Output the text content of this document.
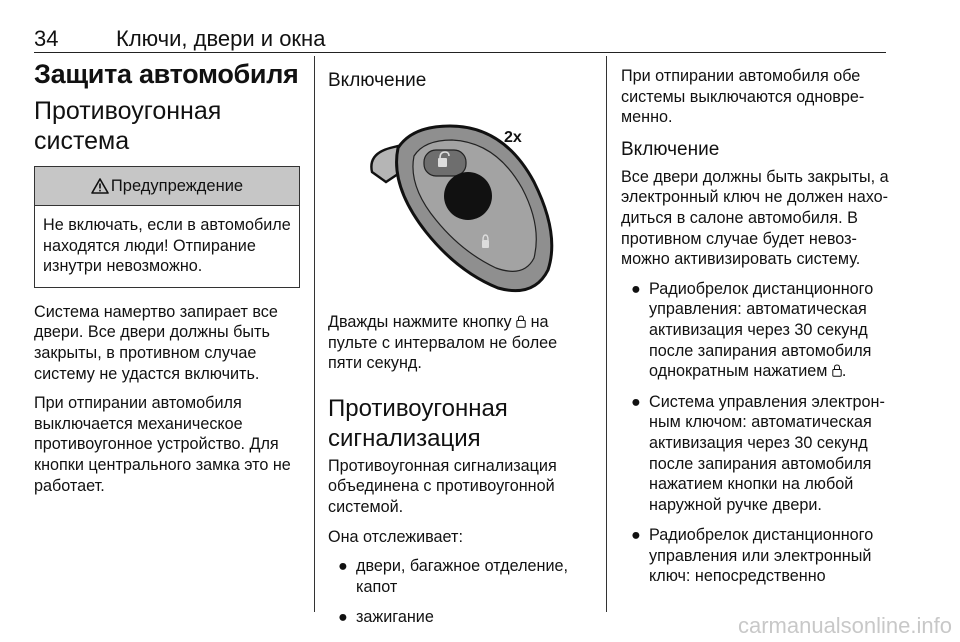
34	Ключи, двери и окна
Защита автомобиля
Противоугонная система
Предупреждение
Не включать, если в автомобиле находятся люди! Отпирание изнутри невозможно.

Система намертво запирает все двери. Все двери должны быть закрыты, в противном случае систему не удастся включить.

При отпирании автомобиля выключается механическое противоугонное устройство. Для кнопки центрального замка это не работает.

Включение
2x

Дважды нажмите кнопку  на пульте с интервалом не более пяти секунд.

Противоугонная сигнализация

Противоугонная сигнализация объединена с противоугонной системой.

Она отслеживает:

● двери, багажное отделение, капот
● зажигание

При отпирании автомобиля обе системы выключаются одновременно.

Включение

Все двери должны быть закрыты, а электронный ключ не должен находиться в салоне автомобиля. В противном случае будет невозможно активизировать систему.

● Радиобрелок дистанционного управления: автоматическая активизация через 30 секунд после запирания автомобиля однократным нажатием .
● Система управления электронным ключом: автоматическая активизация через 30 секунд после запирания автомобиля нажатием кнопки на любой наружной ручке двери.
● Радиобрелок дистанционного управления или электронный ключ: непосредственно
carmanualsonline.info
